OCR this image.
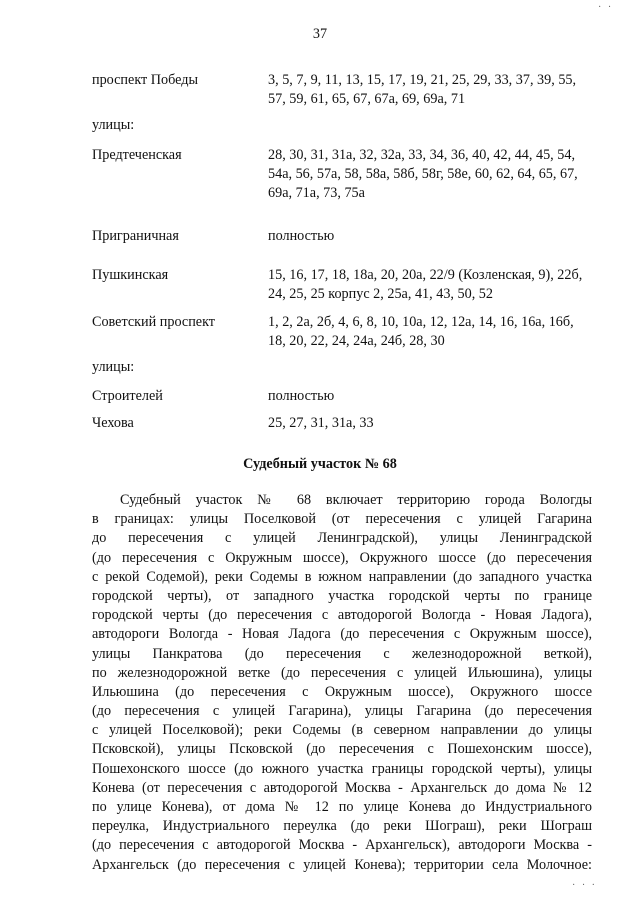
37
проспект Победы	3, 5, 7, 9, 11, 13, 15, 17, 19, 21, 25, 29, 33, 37, 39, 55,
57, 59, 61, 65, 67, 67а, 69, 69а, 71
улицы:
Предтеченская	28, 30, 31, 31а, 32, 32а, 33, 34, 36, 40, 42, 44, 45, 54,
54а, 56, 57а, 58, 58а, 58б, 58г, 58е, 60, 62, 64, 65, 67,
69а, 71а, 73, 75а
Приграничная	полностью
Пушкинская	15, 16, 17, 18, 18а, 20, 20а, 22/9 (Козленская, 9), 22б,
24, 25, 25 корпус 2, 25а, 41, 43, 50, 52
Советский проспект	1, 2, 2а, 2б, 4, 6, 8, 10, 10а, 12, 12а, 14, 16, 16а, 16б,
18, 20, 22, 24, 24а, 24б, 28, 30
улицы:
Строителей	полностью
Чехова	25, 27, 31, 31а, 33
Судебный участок № 68
Судебный участок № 68 включает территорию города Вологды
в границах: улицы Поселковой (от пересечения с улицей Гагарина
до пересечения с улицей Ленинградской), улицы Ленинградской
(до пересечения с Окружным шоссе), Окружного шоссе (до пересечения
с рекой Содемой), реки Содемы в южном направлении (до западного участка
городской черты), от западного участка городской черты по границе
городской черты (до пересечения с автодорогой Вологда - Новая Ладога),
автодороги Вологда - Новая Ладога (до пересечения с Окружным шоссе),
улицы Панкратова (до пересечения с железнодорожной веткой),
по железнодорожной ветке (до пересечения с улицей Ильюшина), улицы
Ильюшина (до пересечения с Окружным шоссе), Окружного шоссе
(до пересечения с улицей Гагарина), улицы Гагарина (до пересечения
с улицей Поселковой); реки Содемы (в северном направлении до улицы
Псковской), улицы Псковской (до пересечения с Пошехонским шоссе),
Пошехонского шоссе (до южного участка границы городской черты), улицы
Конева (от пересечения с автодорогой Москва - Архангельск до дома № 12
по улице Конева), от дома № 12 по улице Конева до Индустриального
переулка, Индустриального переулка (до реки Шограш), реки Шограш
(до пересечения с автодорогой Москва - Архангельск), автодороги Москва -
Архангельск (до пересечения с улицей Конева); территории села Молочное:
· ·
· · ·
